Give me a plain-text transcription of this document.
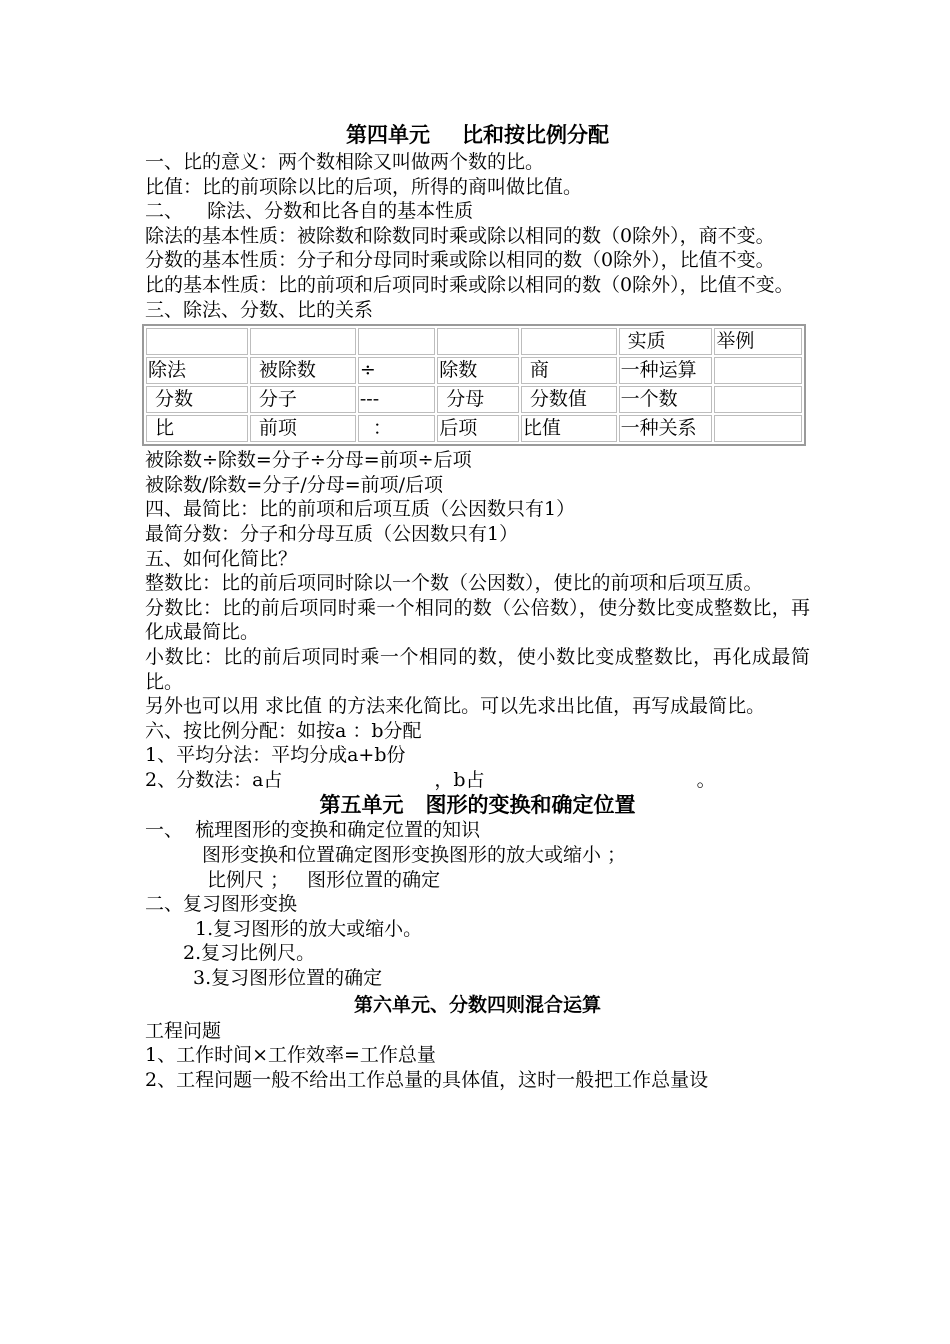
第四单元 比和按比例分配
一、比的意义：两个数相除又叫做两个数的比。
比值：比的前项除以比的后项，所得的商叫做比值。
二、    除法、分数和比各自的基本性质
除法的基本性质：被除数和除数同时乘或除以相同的数（0除外），商不变。
分数的基本性质：分子和分母同时乘或除以相同的数（0除外），比值不变。
比的基本性质：比的前项和后项同时乘或除以相同的数（0除外），比值不变。
三、除法、分数、比的关系
					实质	举例
除法	被除数	÷	除数	商	一种运算	
分数	分子	---	分母	分数值	一个数	
比	前项	：	后项	比值	一种关系	
被除数÷除数=分子÷分母=前项÷后项
被除数/除数=分子/分母=前项/后项
四、最简比：比的前项和后项互质（公因数只有1）
最简分数：分子和分母互质（公因数只有1）
五、如何化简比？
整数比：比的前后项同时除以一个数（公因数），使比的前项和后项互质。
分数比：比的前后项同时乘一个相同的数（公倍数），使分数比变成整数比，再化成最简比。
小数比：比的前后项同时乘一个相同的数，使小数比变成整数比，再化成最简比。
另外也可以用 求比值 的方法来化简比。可以先求出比值，再写成最简比。
六、按比例分配：如按a ：b分配
1、平均分法：平均分成a+b份
2、分数法：a占	，b占	。
第五单元 图形的变换和确定位置
一、  梳理图形的变换和确定位置的知识
图形变换和位置确定图形变换图形的放大或缩小 ；
比例尺 ；   图形位置的确定
二、复习图形变换
1.复习图形的放大或缩小。
2.复习比例尺。
3.复习图形位置的确定
第六单元、分数四则混合运算
工程问题
1、工作时间×工作效率=工作总量
2、工程问题一般不给出工作总量的具体值，这时一般把工作总量设
